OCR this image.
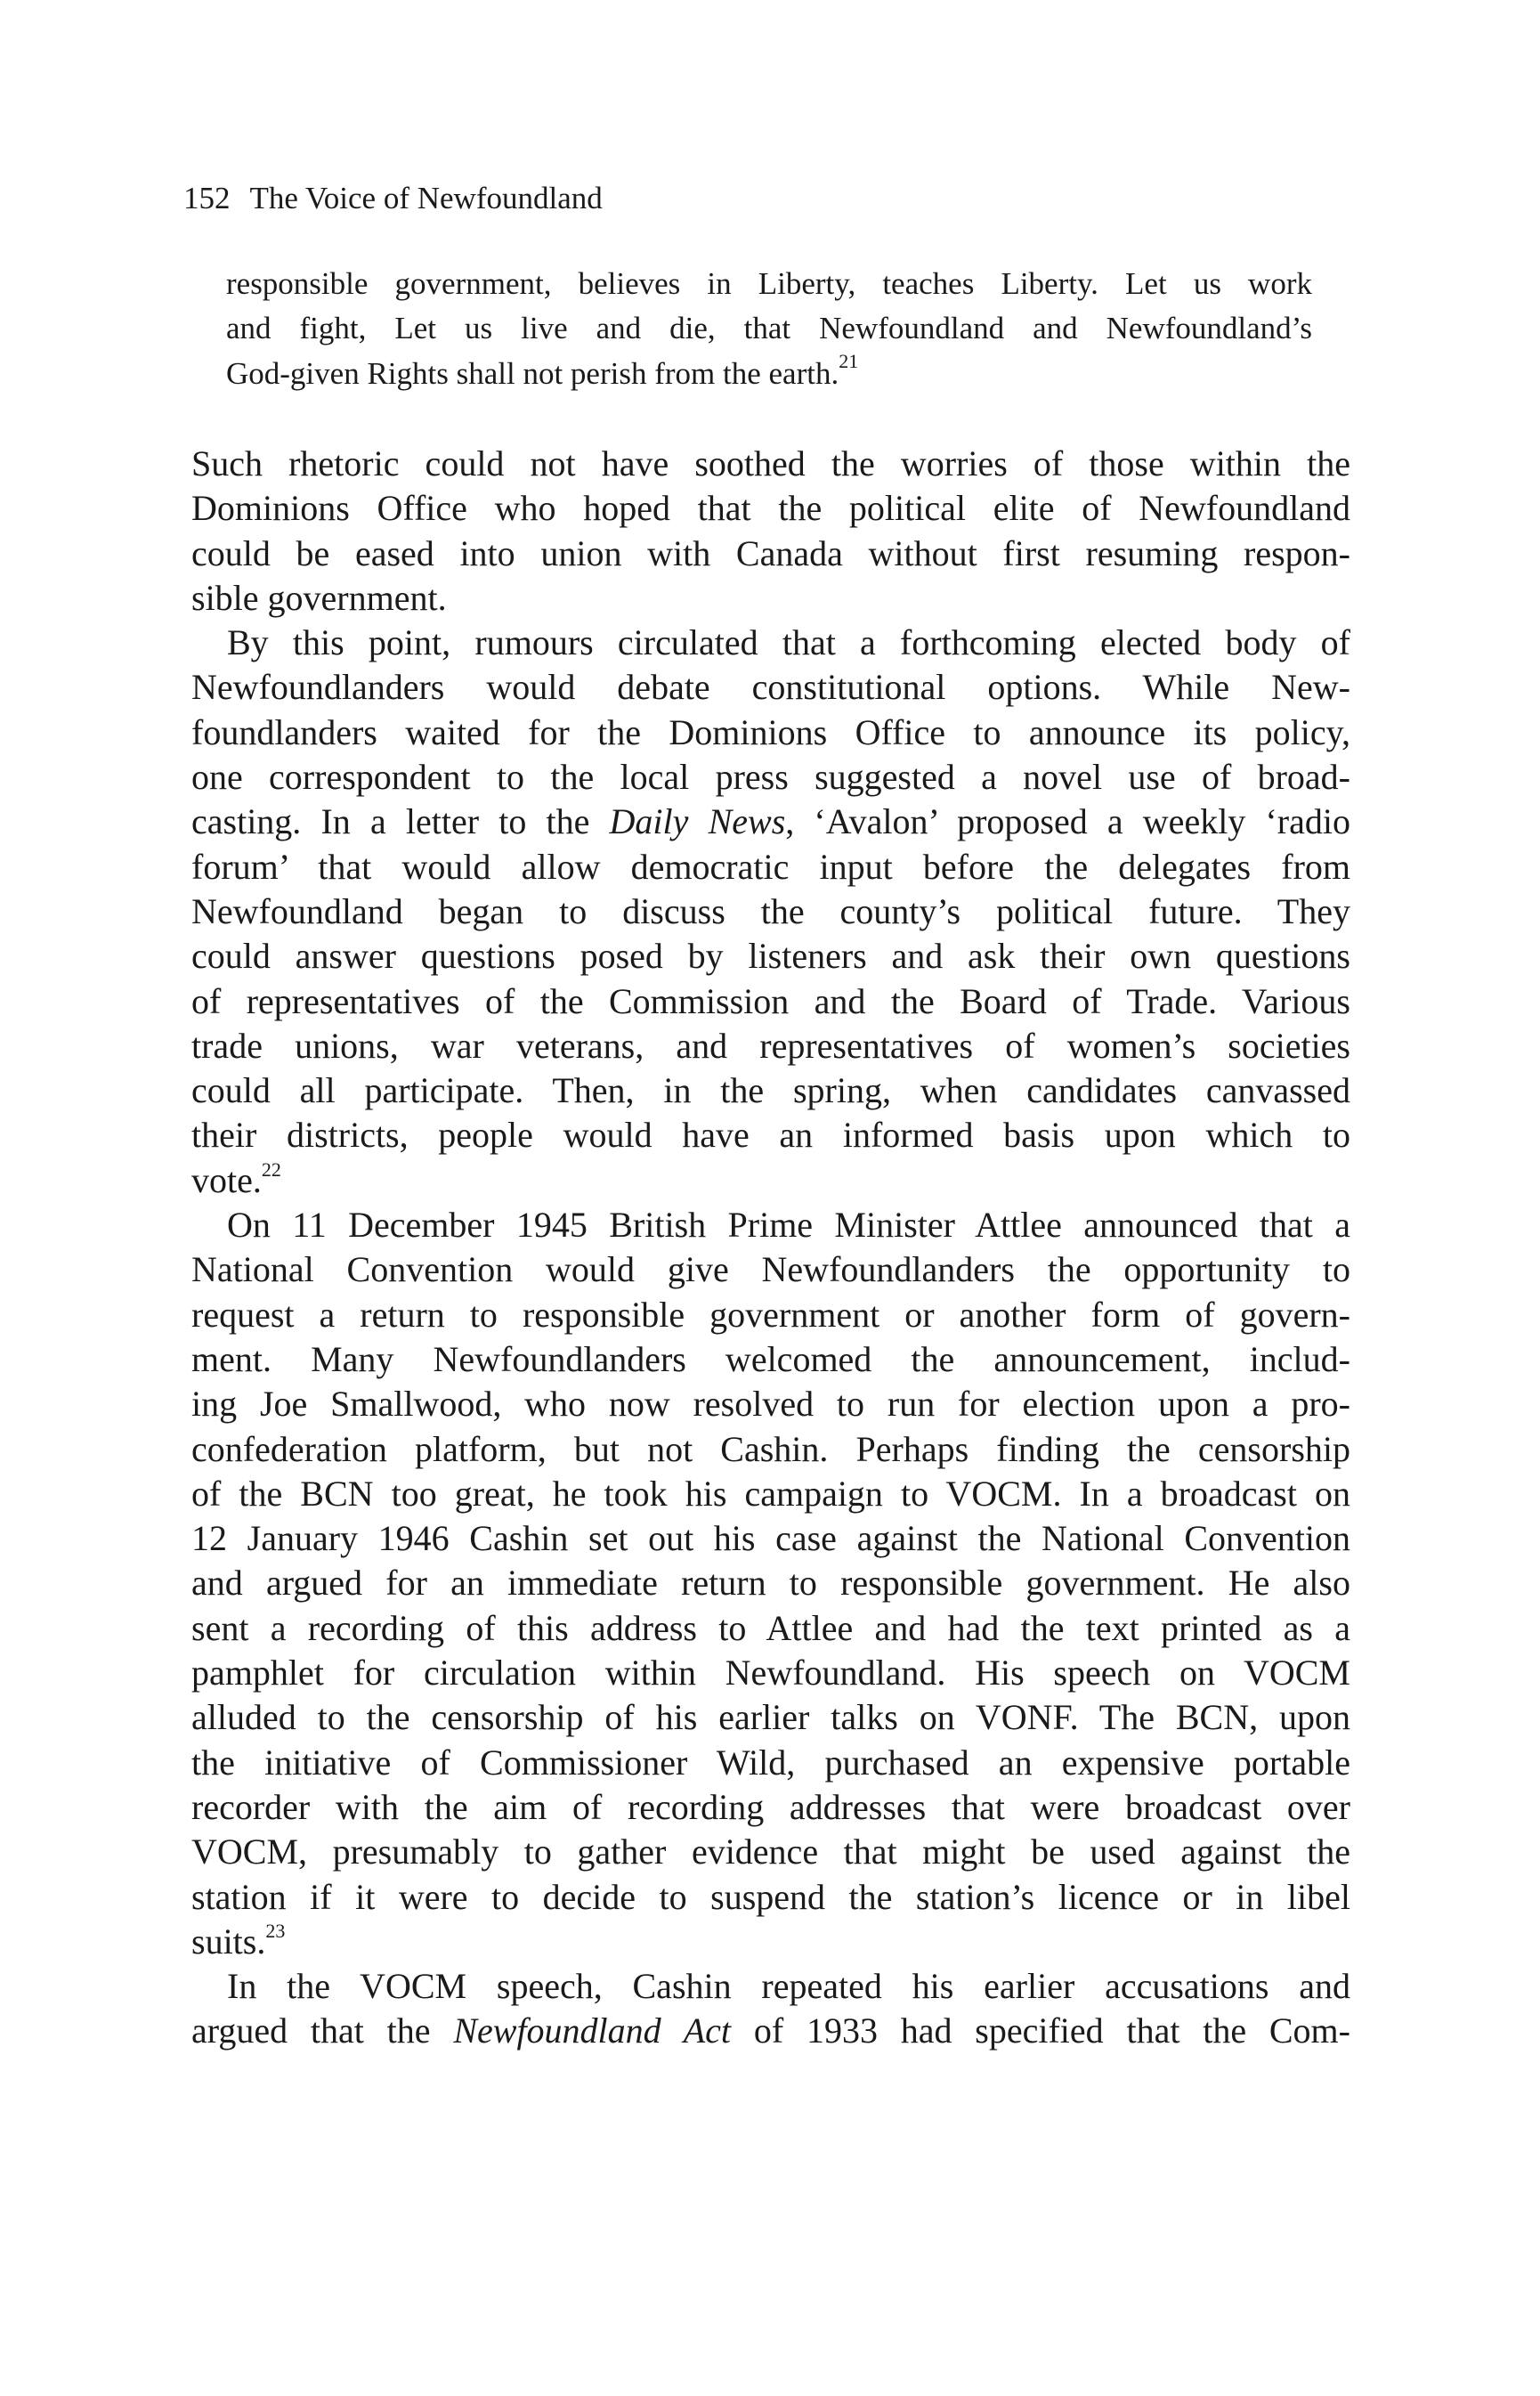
152 The Voice of Newfoundland
responsible government, believes in Liberty, teaches Liberty. Let us work
and fight, Let us live and die, that Newfoundland and Newfoundland’s
God-given Rights shall not perish from the earth.$^{21}$
Such rhetoric could not have soothed the worries of those within the
Dominions Office who hoped that the political elite of Newfoundland
could be eased into union with Canada without first resuming respon-
sible government.
By this point, rumours circulated that a forthcoming elected body of
Newfoundlanders would debate constitutional options. While New-
foundlanders waited for the Dominions Office to announce its policy,
one correspondent to the local press suggested a novel use of broad-
casting. In a letter to the Daily News, ‘Avalon’ proposed a weekly ‘radio
forum’ that would allow democratic input before the delegates from
Newfoundland began to discuss the county’s political future. They
could answer questions posed by listeners and ask their own questions
of representatives of the Commission and the Board of Trade. Various
trade unions, war veterans, and representatives of women’s societies
could all participate. Then, in the spring, when candidates canvassed
their districts, people would have an informed basis upon which to
vote.$^{22}$
On 11 December 1945 British Prime Minister Attlee announced that a
National Convention would give Newfoundlanders the opportunity to
request a return to responsible government or another form of govern-
ment. Many Newfoundlanders welcomed the announcement, includ-
ing Joe Smallwood, who now resolved to run for election upon a pro-
confederation platform, but not Cashin. Perhaps finding the censorship
of the BCN too great, he took his campaign to VOCM. In a broadcast on
12 January 1946 Cashin set out his case against the National Convention
and argued for an immediate return to responsible government. He also
sent a recording of this address to Attlee and had the text printed as a
pamphlet for circulation within Newfoundland. His speech on VOCM
alluded to the censorship of his earlier talks on VONF. The BCN, upon
the initiative of Commissioner Wild, purchased an expensive portable
recorder with the aim of recording addresses that were broadcast over
VOCM, presumably to gather evidence that might be used against the
station if it were to decide to suspend the station’s licence or in libel
suits.$^{23}$
In the VOCM speech, Cashin repeated his earlier accusations and
argued that the Newfoundland Act of 1933 had specified that the Com-
